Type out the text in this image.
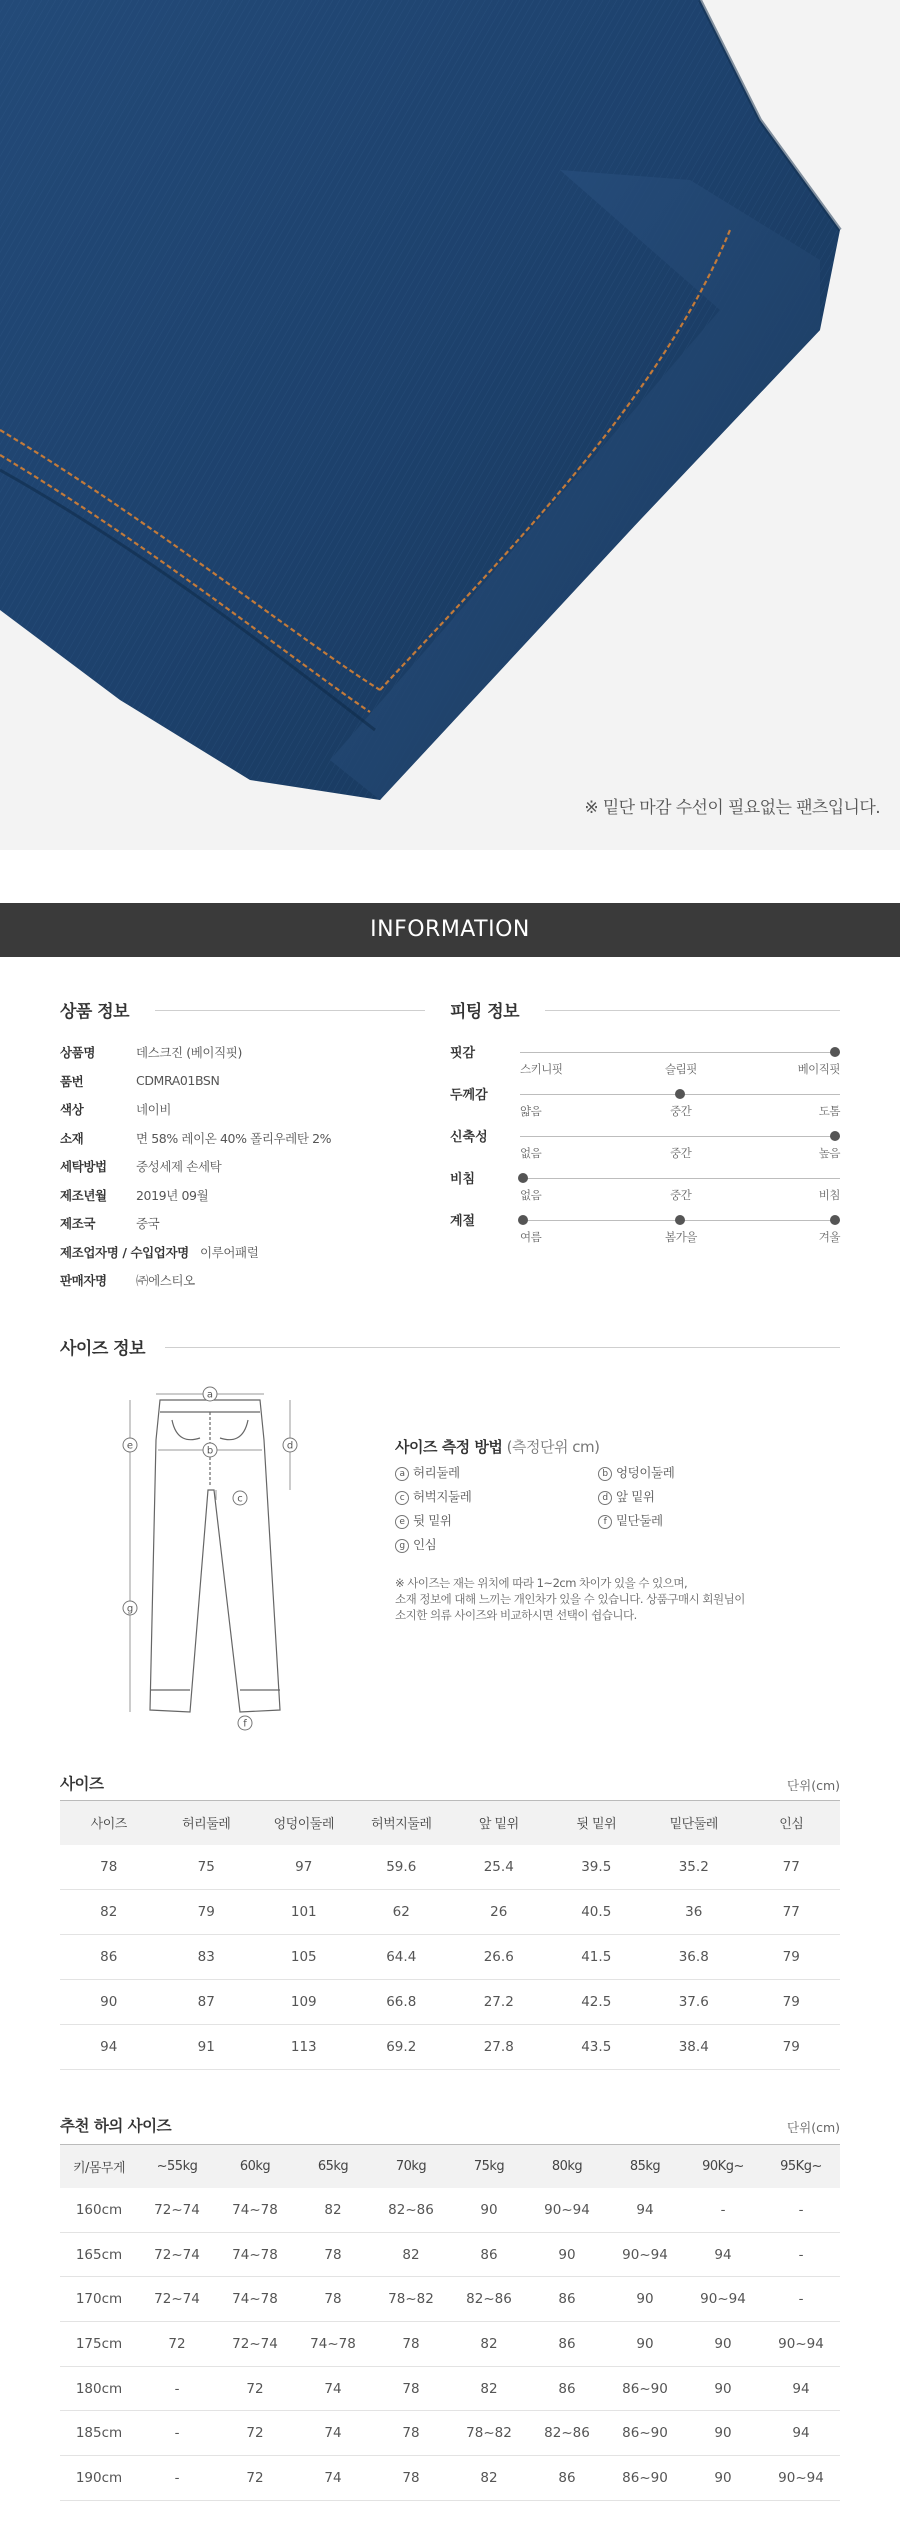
※ 밑단 마감 수선이 필요없는 팬츠입니다.
INFORMATION
상품 정보
상품명	데스크진 (베이직핏)
품번	CDMRA01BSN
색상	네이비
소재	면 58% 레이온 40% 폴리우레탄 2%
세탁방법	중성세제 손세탁
제조년월	2019년 09월
제조국	중국
제조업자명 / 수입업자명 이루어패럴
판매자명	㈜에스티오
피팅 정보
핏감
스키니핏	슬림핏	베이직핏
두께감
얇음	중간	도톰
신축성
없음	중간	높음
비침
없음	중간	비침
계절
여름	봄가을	겨울
사이즈 정보
a
b
c
d
e
f
g
사이즈 측정 방법 (측정단위 cm)
a 허리둘레	b 엉덩이둘레
c 허벅지둘레	d 앞 밑위
e 뒷 밑위	f 밑단둘레
g 인심
※ 사이즈는 재는 위치에 따라 1~2cm 차이가 있을 수 있으며,
소재 정보에 대해 느끼는 개인차가 있을 수 있습니다. 상품구매시 회원님이
소지한 의류 사이즈와 비교하시면 선택이 쉽습니다.
사이즈	단위(cm)
사이즈	허리둘레	엉덩이둘레	허벅지둘레	앞 밑위	뒷 밑위	밑단둘레	인심
78	75	97	59.6	25.4	39.5	35.2	77
82	79	101	62	26	40.5	36	77
86	83	105	64.4	26.6	41.5	36.8	79
90	87	109	66.8	27.2	42.5	37.6	79
94	91	113	69.2	27.8	43.5	38.4	79
추천 하의 사이즈	단위(cm)
키/몸무게	~55kg	60kg	65kg	70kg	75kg	80kg	85kg	90Kg~	95Kg~
160cm	72~74	74~78	82	82~86	90	90~94	94	-	-
165cm	72~74	74~78	78	82	86	90	90~94	94	-
170cm	72~74	74~78	78	78~82	82~86	86	90	90~94	-
175cm	72	72~74	74~78	78	82	86	90	90	90~94
180cm	-	72	74	78	82	86	86~90	90	94
185cm	-	72	74	78	78~82	82~86	86~90	90	94
190cm	-	72	74	78	82	86	86~90	90	90~94
